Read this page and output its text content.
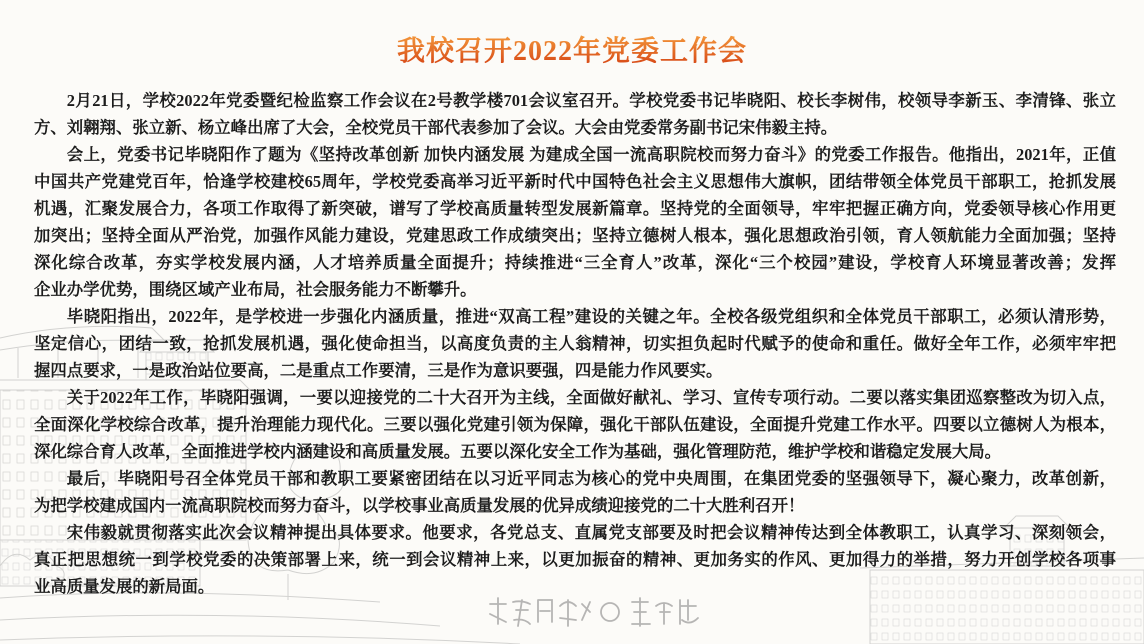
我校召开2022年党委工作会
2月21日，学校2022年党委暨纪检监察工作会议在2号教学楼701会议室召开。学校党委书记毕晓阳、校长李树伟，校领导李新玉、李清锋、张立
方、刘翱翔、张立新、杨立峰出席了大会，全校党员干部代表参加了会议。大会由党委常务副书记宋伟毅主持。
会上，党委书记毕晓阳作了题为《坚持改革创新 加快内涵发展 为建成全国一流高职院校而努力奋斗》的党委工作报告。他指出，2021年，正值
中国共产党建党百年，恰逢学校建校65周年，学校党委高举习近平新时代中国特色社会主义思想伟大旗帜，团结带领全体党员干部职工，抢抓发展
机遇，汇聚发展合力，各项工作取得了新突破，谱写了学校高质量转型发展新篇章。坚持党的全面领导，牢牢把握正确方向，党委领导核心作用更
加突出；坚持全面从严治党，加强作风能力建设，党建思政工作成绩突出；坚持立德树人根本，强化思想政治引领，育人领航能力全面加强；坚持
深化综合改革，夯实学校发展内涵，人才培养质量全面提升；持续推进“三全育人”改革，深化“三个校园”建设，学校育人环境显著改善；发挥
企业办学优势，围绕区域产业布局，社会服务能力不断攀升。
毕晓阳指出，2022年，是学校进一步强化内涵质量，推进“双高工程”建设的关键之年。全校各级党组织和全体党员干部职工，必须认清形势，
坚定信心，团结一致，抢抓发展机遇，强化使命担当，以高度负责的主人翁精神，切实担负起时代赋予的使命和重任。做好全年工作，必须牢牢把
握四点要求，一是政治站位要高，二是重点工作要清，三是作为意识要强，四是能力作风要实。
关于2022年工作，毕晓阳强调，一要以迎接党的二十大召开为主线，全面做好献礼、学习、宣传专项行动。二要以落实集团巡察整改为切入点，
全面深化学校综合改革，提升治理能力现代化。三要以强化党建引领为保障，强化干部队伍建设，全面提升党建工作水平。四要以立德树人为根本，
深化综合育人改革，全面推进学校内涵建设和高质量发展。五要以深化安全工作为基础，强化管理防范，维护学校和谐稳定发展大局。
最后，毕晓阳号召全体党员干部和教职工要紧密团结在以习近平同志为核心的党中央周围，在集团党委的坚强领导下，凝心聚力，改革创新，
为把学校建成国内一流高职院校而努力奋斗，以学校事业高质量发展的优异成绩迎接党的二十大胜利召开！
宋伟毅就贯彻落实此次会议精神提出具体要求。他要求，各党总支、直属党支部要及时把会议精神传达到全体教职工，认真学习、深刻领会，
真正把思想统一到学校党委的决策部署上来，统一到会议精神上来，以更加振奋的精神、更加务实的作风、更加得力的举措，努力开创学校各项事
业高质量发展的新局面。
